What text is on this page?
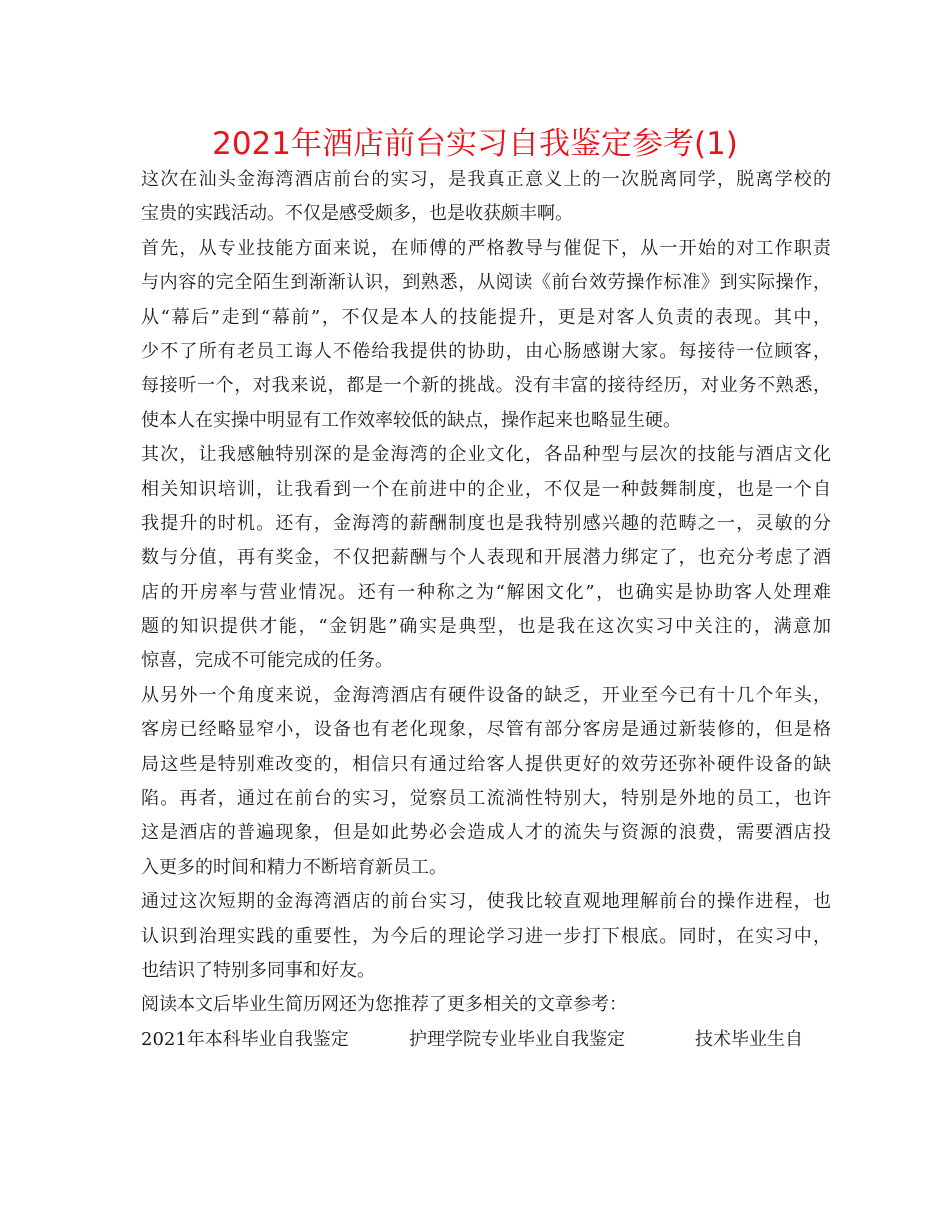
2021年酒店前台实习自我鉴定参考(1)
这次在汕头金海湾酒店前台的实习，是我真正意义上的一次脱离同学，脱离学校的
宝贵的实践活动。不仅是感受颇多，也是收获颇丰啊。
首先，从专业技能方面来说，在师傅的严格教导与催促下，从一开始的对工作职责
与内容的完全陌生到渐渐认识，到熟悉，从阅读《前台效劳操作标准》到实际操作，
从“幕后”走到“幕前”，不仅是本人的技能提升，更是对客人负责的表现。其中，
少不了所有老员工诲人不倦给我提供的协助，由心肠感谢大家。每接待一位顾客，
每接听一个，对我来说，都是一个新的挑战。没有丰富的接待经历，对业务不熟悉，
使本人在实操中明显有工作效率较低的缺点，操作起来也略显生硬。
其次，让我感触特别深的是金海湾的企业文化，各品种型与层次的技能与酒店文化
相关知识培训，让我看到一个在前进中的企业，不仅是一种鼓舞制度，也是一个自
我提升的时机。还有，金海湾的薪酬制度也是我特别感兴趣的范畴之一，灵敏的分
数与分值，再有奖金，不仅把薪酬与个人表现和开展潜力绑定了，也充分考虑了酒
店的开房率与营业情况。还有一种称之为“解困文化”，也确实是协助客人处理难
题的知识提供才能，“金钥匙”确实是典型，也是我在这次实习中关注的，满意加
惊喜，完成不可能完成的任务。
从另外一个角度来说，金海湾酒店有硬件设备的缺乏，开业至今已有十几个年头，
客房已经略显窄小，设备也有老化现象，尽管有部分客房是通过新装修的，但是格
局这些是特别难改变的，相信只有通过给客人提供更好的效劳还弥补硬件设备的缺
陷。再者，通过在前台的实习，觉察员工流淌性特别大，特别是外地的员工，也许
这是酒店的普遍现象，但是如此势必会造成人才的流失与资源的浪费，需要酒店投
入更多的时间和精力不断培育新员工。
通过这次短期的金海湾酒店的前台实习，使我比较直观地理解前台的操作进程，也
认识到治理实践的重要性，为今后的理论学习进一步打下根底。同时，在实习中，
也结识了特别多同事和好友。
阅读本文后毕业生简历网还为您推荐了更多相关的文章参考：
2021年本科毕业自我鉴定	护理学院专业毕业自我鉴定	技术毕业生自
